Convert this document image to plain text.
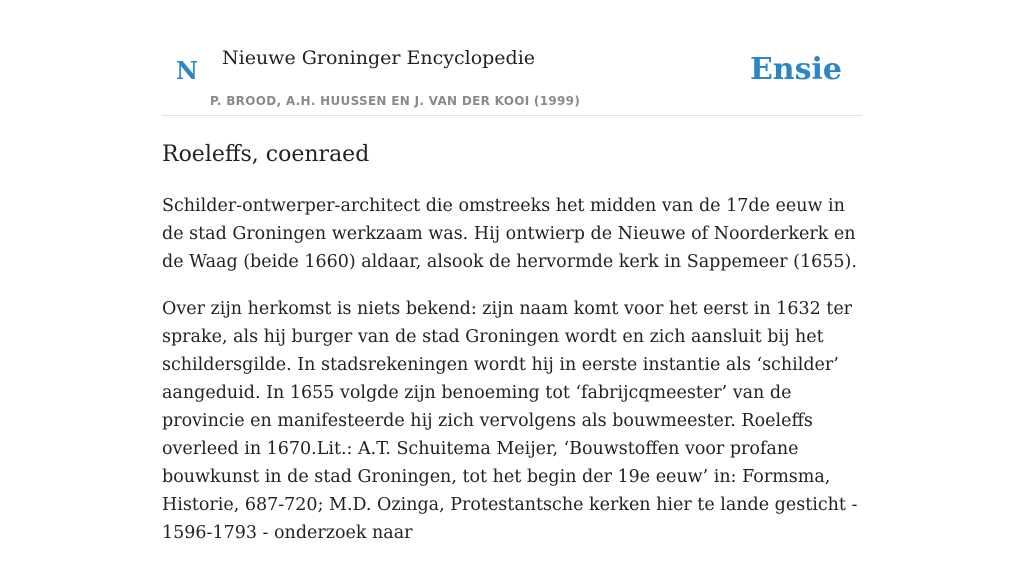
N Nieuwe Groninger Encyclopedie
P. BROOD, A.H. HUUSSEN EN J. VAN DER KOOI (1999)
Ensie
Roeleffs, coenraed

Schilder-ontwerper-architect die omstreeks het midden van de 17de eeuw in de stad Groningen werkzaam was. Hij ontwierp de Nieuwe of Noorderkerk en de Waag (beide 1660) aldaar, alsook de hervormde kerk in Sappemeer (1655).

Over zijn herkomst is niets bekend: zijn naam komt voor het eerst in 1632 ter sprake, als hij burger van de stad Groningen wordt en zich aansluit bij het schildersgilde. In stadsrekeningen wordt hij in eerste instantie als ‘schilder’ aangeduid. In 1655 volgde zijn benoeming tot ‘fabrijcqmeester’ van de provincie en manifesteerde hij zich vervolgens als bouwmeester. Roeleffs overleed in 1670.Lit.: A.T. Schuitema Meijer, ‘Bouwstoffen voor profane bouwkunst in de stad Groningen, tot het begin der 19e eeuw’ in: Formsma, Historie, 687-720; M.D. Ozinga, Protestantsche kerken hier te lande gesticht - 1596-1793 - onderzoek naar
